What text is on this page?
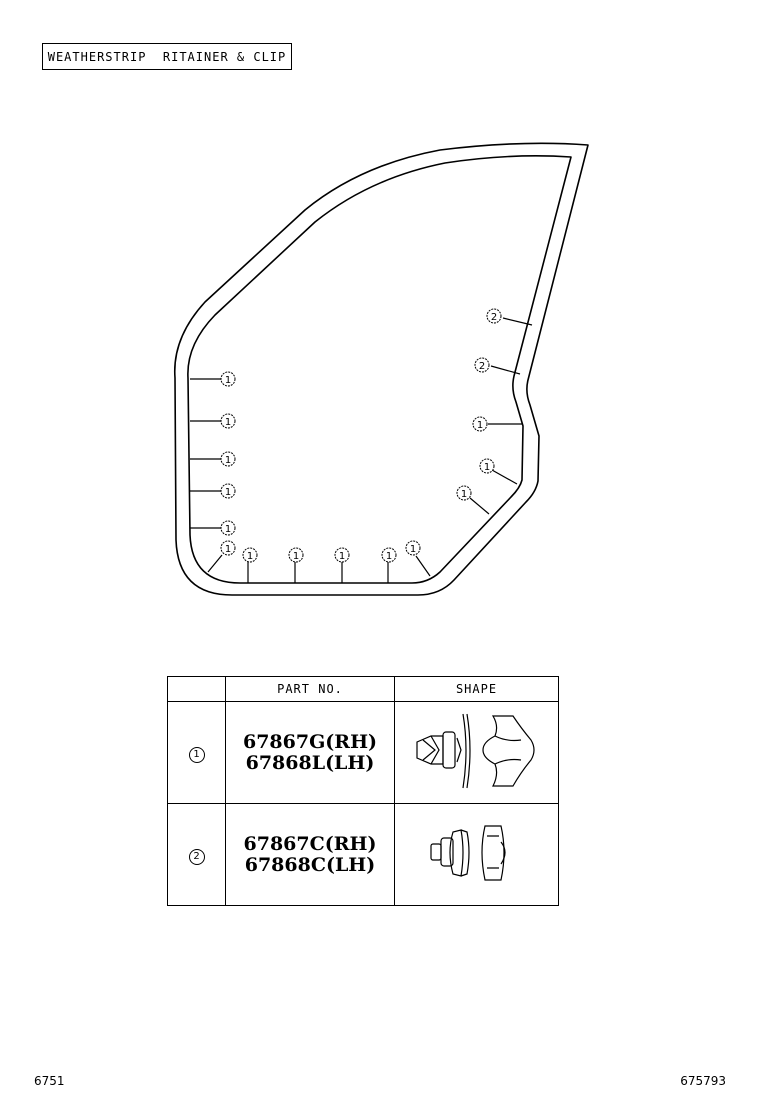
WEATHERSTRIP  RITAINER & CLIP
2
2
1
1
1
1
1
1
1	1	1	1
1
1
1
1
	PART NO.	SHAPE
1	67867G(RH)
67868L(LH)

2	67867C(RH)
67868C(LH)

6751	675793
